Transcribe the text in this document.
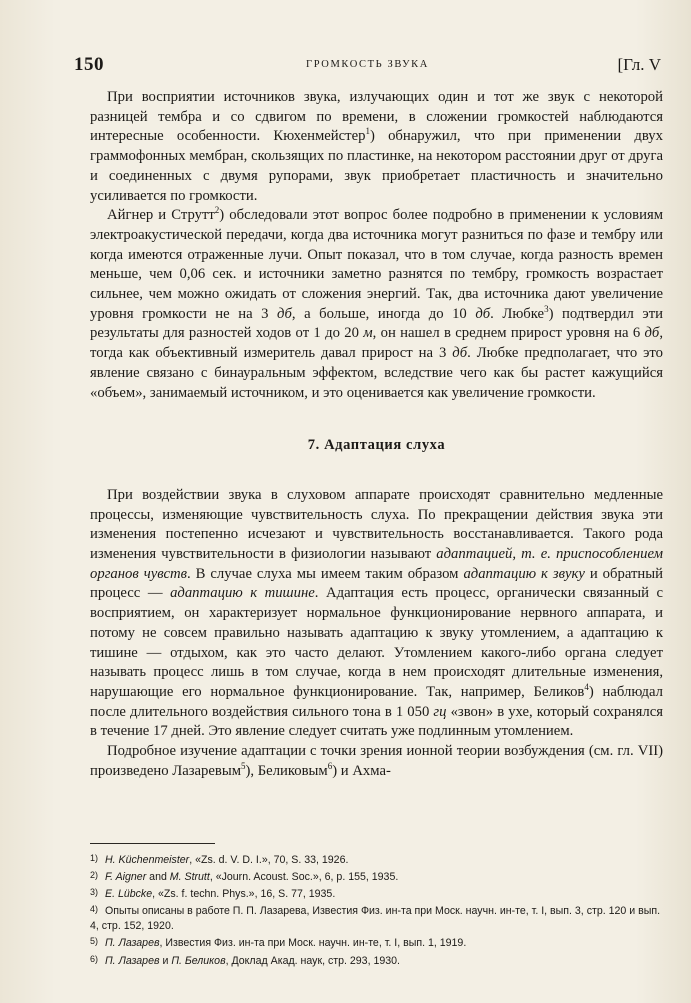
150	ГРОМКОСТЬ ЗВУКА	[Гл. V

При восприятии источников звука, излучающих один и тот же звук с некоторой разницей тембра и со сдвигом по времени, в сложении громкостей наблюдаются интересные особенности. Кюхенмейстер$^1$) обнаружил, что при применении двух граммофонных мембран, скользящих по пластинке, на некотором расстоянии друг от друга и соединенных с двумя рупорами, звук приобретает пластичность и значительно усиливается по громкости.

Айгнер и Струтт$^2$) обследовали этот вопрос более подробно в применении к условиям электроакустической передачи, когда два источника могут разниться по фазе и тембру или когда имеются отраженные лучи. Опыт показал, что в том случае, когда разность времен меньше, чем 0,06 сек. и источники заметно разнятся по тембру, громкость возрастает сильнее, чем можно ожидать от сложения энергий. Так, два источника дают увеличение уровня громкости не на 3 дб, а больше, иногда до 10 дб. Любке$^3$) подтвердил эти результаты для разностей ходов от 1 до 20 м, он нашел в среднем прирост уровня на 6 дб, тогда как объективный измеритель давал прирост на 3 дб. Любке предполагает, что это явление связано с бинауральным эффектом, вследствие чего как бы растет кажущийся «объем», занимаемый источником, и это оценивается как увеличение громкости.

7. Адаптация слуха

При воздействии звука в слуховом аппарате происходят сравнительно медленные процессы, изменяющие чувствительность слуха. По прекращении действия звука эти изменения постепенно исчезают и чувствительность восстанавливается. Такого рода изменения чувствительности в физиологии называют адаптацией, т. е. приспособлением органов чувств. В случае слуха мы имеем таким образом адаптацию к звуку и обратный процесс — адаптацию к тишине. Адаптация есть процесс, органически связанный с восприятием, он характеризует нормальное функционирование нервного аппарата, и потому не совсем правильно называть адаптацию к звуку утомлением, а адаптацию к тишине — отдыхом, как это часто делают. Утомлением какого-либо органа следует называть процесс лишь в том случае, когда в нем происходят длительные изменения, нарушающие его нормальное функционирование. Так, например, Беликов$^4$) наблюдал после длительного воздействия сильного тона в 1 050 гц «звон» в ухе, который сохранялся в течение 17 дней. Это явление следует считать уже подлинным утомлением.

Подробное изучение адаптации с точки зрения ионной теории возбуждения (см. гл. VII) произведено Лазаревым$^5$), Беликовым$^6$) и Ахма-

1) H. Küchenmeister, «Zs. d. V. D. I.», 70, S. 33, 1926.

2) F. Aigner and M. Strutt, «Journ. Acoust. Soc.», 6, p. 155, 1935.

3) E. Lübcke, «Zs. f. techn. Phys.», 16, S. 77, 1935.

4) Опыты описаны в работе П. П. Лазарева, Известия Физ. ин-та при Моск. научн. ин-те, т. I, вып. 3, стр. 120 и вып. 4, стр. 152, 1920.

5) П. Лазарев, Известия Физ. ин-та при Моск. научн. ин-те, т. I, вып. 1, 1919.

6) П. Лазарев и П. Беликов, Доклад Акад. наук, стр. 293, 1930.
